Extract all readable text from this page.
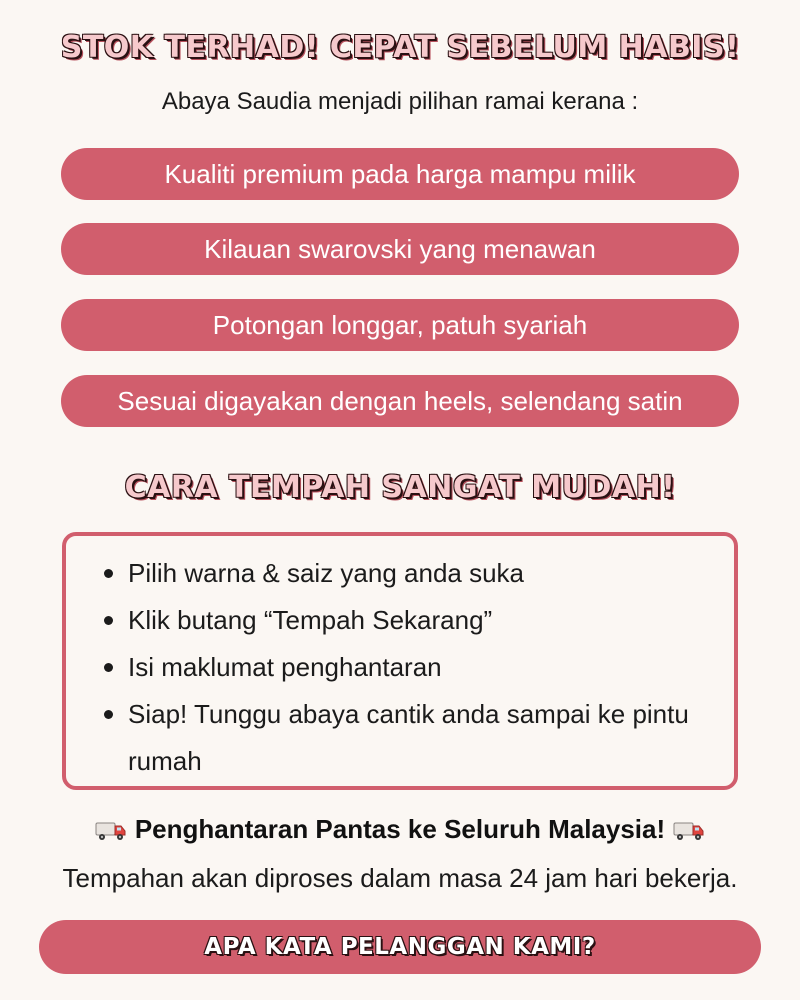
STOK TERHAD! CEPAT SEBELUM HABIS!
Abaya Saudia menjadi pilihan ramai kerana :
Kualiti premium pada harga mampu milik
Kilauan swarovski yang menawan
Potongan longgar, patuh syariah
Sesuai digayakan dengan heels, selendang satin
CARA TEMPAH SANGAT MUDAH!
Pilih warna & saiz yang anda suka
Klik butang “Tempah Sekarang”
Isi maklumat penghantaran
Siap! Tunggu abaya cantik anda sampai ke pintu rumah
Penghantaran Pantas ke Seluruh Malaysia!
Tempahan akan diproses dalam masa 24 jam hari bekerja.
APA KATA PELANGGAN KAMI?
